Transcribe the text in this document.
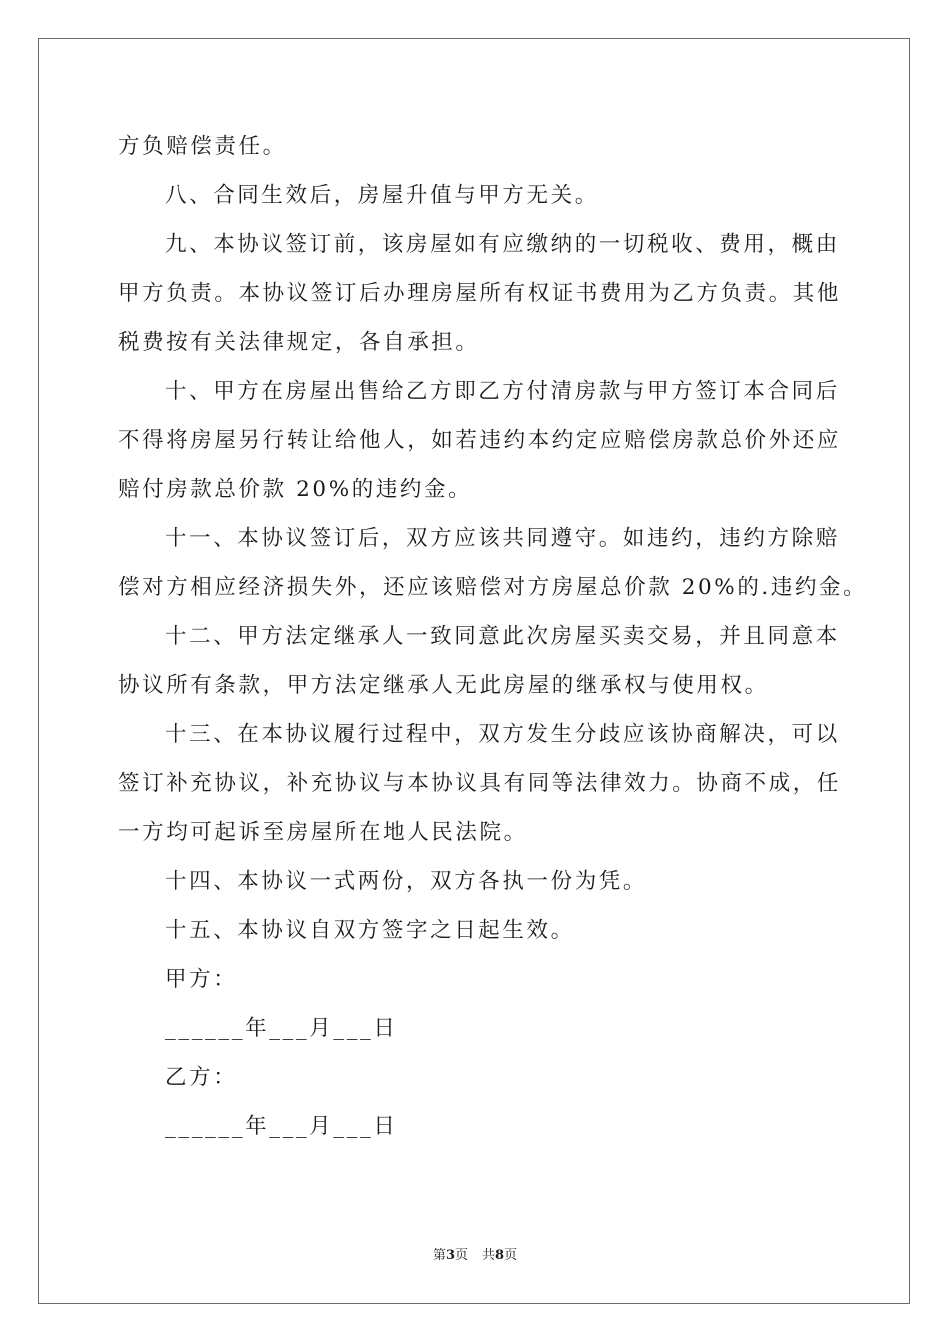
方负赔偿责任。
八、合同生效后，房屋升值与甲方无关。
九、本协议签订前，该房屋如有应缴纳的一切税收、费用，概由
甲方负责。本协议签订后办理房屋所有权证书费用为乙方负责。其他
税费按有关法律规定，各自承担。
十、甲方在房屋出售给乙方即乙方付清房款与甲方签订本合同后
不得将房屋另行转让给他人，如若违约本约定应赔偿房款总价外还应
赔付房款总价款 20%的违约金。
十一、本协议签订后，双方应该共同遵守。如违约，违约方除赔
偿对方相应经济损失外，还应该赔偿对方房屋总价款 20%的.违约金。
十二、甲方法定继承人一致同意此次房屋买卖交易，并且同意本
协议所有条款，甲方法定继承人无此房屋的继承权与使用权。
十三、在本协议履行过程中，双方发生分歧应该协商解决，可以
签订补充协议，补充协议与本协议具有同等法律效力。协商不成，任
一方均可起诉至房屋所在地人民法院。
十四、本协议一式两份，双方各执一份为凭。
十五、本协议自双方签字之日起生效。
甲方：
______年___月___日
乙方：
______年___月___日
第3页 共8页
